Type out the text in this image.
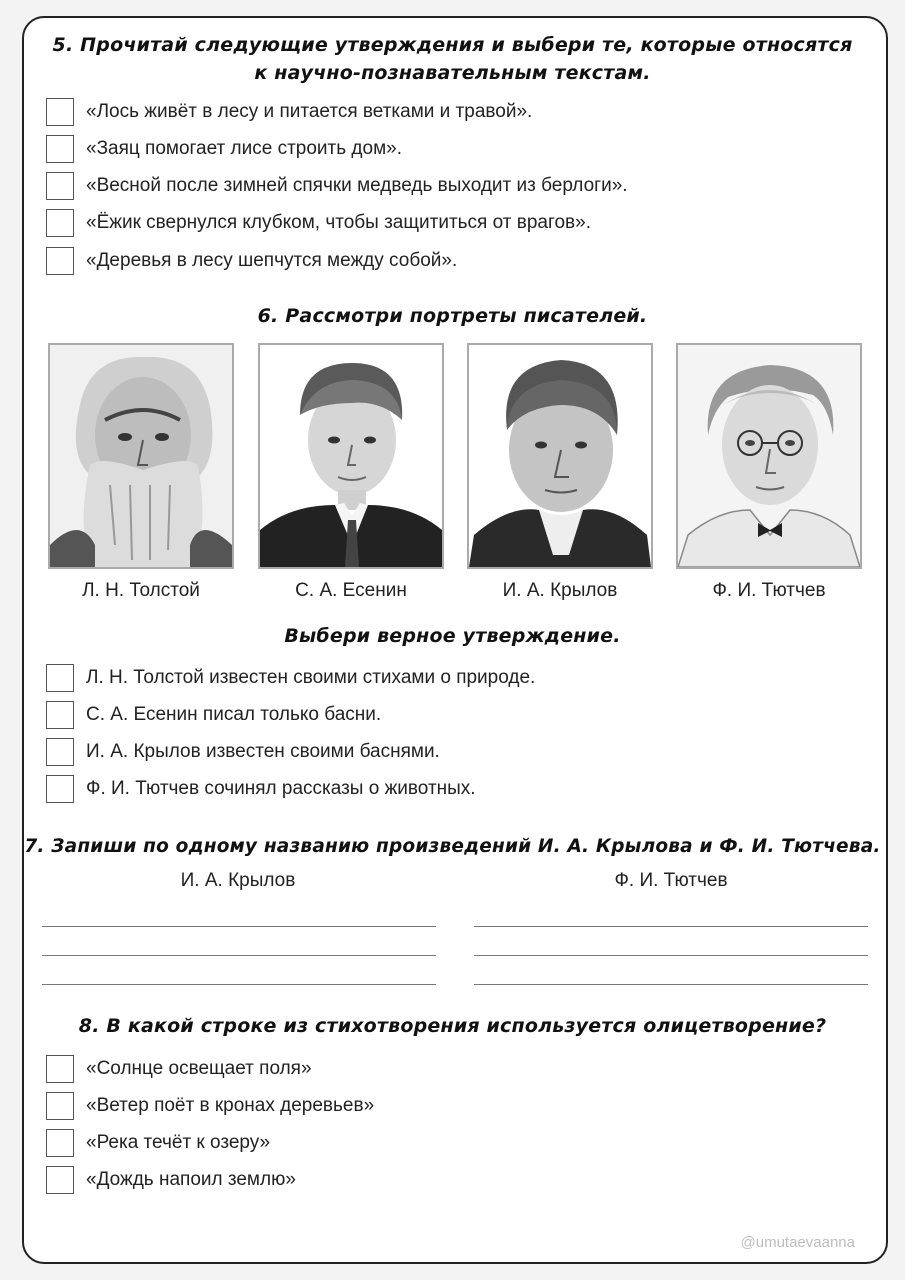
5. Прочитай следующие утверждения и выбери те, которые относятся
к научно-познавательным текстам.
«Лось живёт в лесу и питается ветками и травой».
«Заяц помогает лисе строить дом».
«Весной после зимней спячки медведь выходит из берлоги».
«Ёжик свернулся клубком, чтобы защититься от врагов».
«Деревья в лесу шепчутся между собой».
6. Рассмотри портреты писателей.
Л. Н. Толстой	С. А. Есенин	И. А. Крылов	Ф. И. Тютчев
Выбери верное утверждение.
Л. Н. Толстой известен своими стихами о природе.
С. А. Есенин писал только басни.
И. А. Крылов известен своими баснями.
Ф. И. Тютчев сочинял рассказы о животных.
7. Запиши по одному названию произведений И. А. Крылова и Ф. И. Тютчева.
И. А. Крылов	Ф. И. Тютчев
8. В какой строке из стихотворения используется олицетворение?
«Солнце освещает поля»
«Ветер поёт в кронах деревьев»
«Река течёт к озеру»
«Дождь напоил землю»
@umutaevaanna
